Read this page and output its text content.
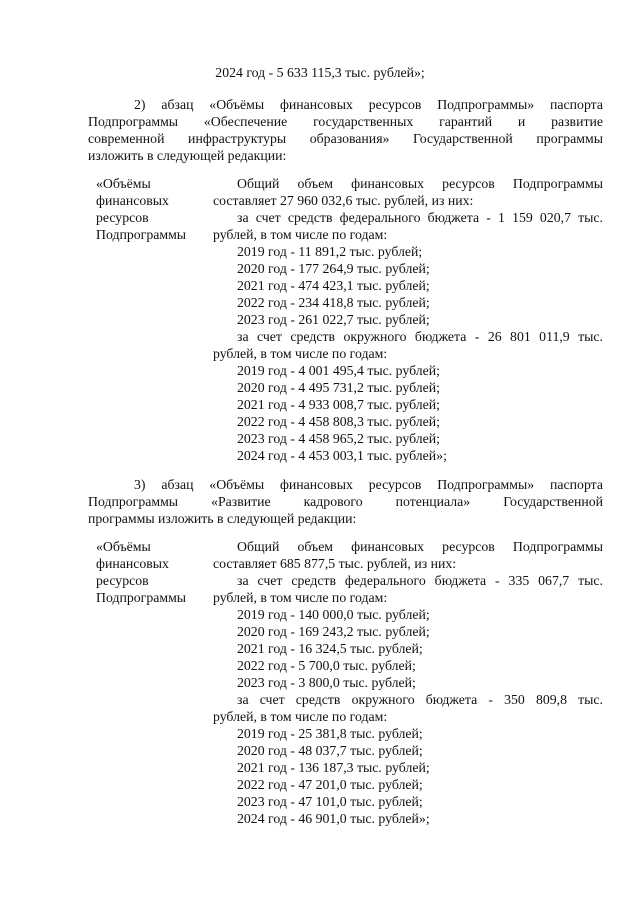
2024 год - 5 633 115,3 тыс. рублей»;
2) абзац «Объёмы финансовых ресурсов Подпрограммы» паспорта
Подпрограммы «Обеспечение государственных гарантий и развитие
современной инфраструктуры образования» Государственной программы
изложить в следующей редакции:
«Объёмы
финансовых
ресурсов
Подпрограммы
Общий объем финансовых ресурсов Подпрограммы
составляет 27 960 032,6 тыс. рублей, из них:
за счет средств федерального бюджета - 1 159 020,7 тыс.
рублей, в том числе по годам:
2019 год - 11 891,2 тыс. рублей;
2020 год - 177 264,9 тыс. рублей;
2021 год - 474 423,1 тыс. рублей;
2022 год - 234 418,8 тыс. рублей;
2023 год - 261 022,7 тыс. рублей;
за счет средств окружного бюджета - 26 801 011,9 тыс.
рублей, в том числе по годам:
2019 год - 4 001 495,4 тыс. рублей;
2020 год - 4 495 731,2 тыс. рублей;
2021 год - 4 933 008,7 тыс. рублей;
2022 год - 4 458 808,3 тыс. рублей;
2023 год - 4 458 965,2 тыс. рублей;
2024 год - 4 453 003,1 тыс. рублей»;
3) абзац «Объёмы финансовых ресурсов Подпрограммы» паспорта
Подпрограммы «Развитие кадрового потенциала» Государственной
программы изложить в следующей редакции:
«Объёмы
финансовых
ресурсов
Подпрограммы
Общий объем финансовых ресурсов Подпрограммы
составляет 685 877,5 тыс. рублей, из них:
за счет средств федерального бюджета - 335 067,7 тыс.
рублей, в том числе по годам:
2019 год - 140 000,0 тыс. рублей;
2020 год - 169 243,2 тыс. рублей;
2021 год - 16 324,5 тыс. рублей;
2022 год - 5 700,0 тыс. рублей;
2023 год - 3 800,0 тыс. рублей;
за счет средств окружного бюджета - 350 809,8 тыс.
рублей, в том числе по годам:
2019 год - 25 381,8 тыс. рублей;
2020 год - 48 037,7 тыс. рублей;
2021 год - 136 187,3 тыс. рублей;
2022 год - 47 201,0 тыс. рублей;
2023 год - 47 101,0 тыс. рублей;
2024 год - 46 901,0 тыс. рублей»;
